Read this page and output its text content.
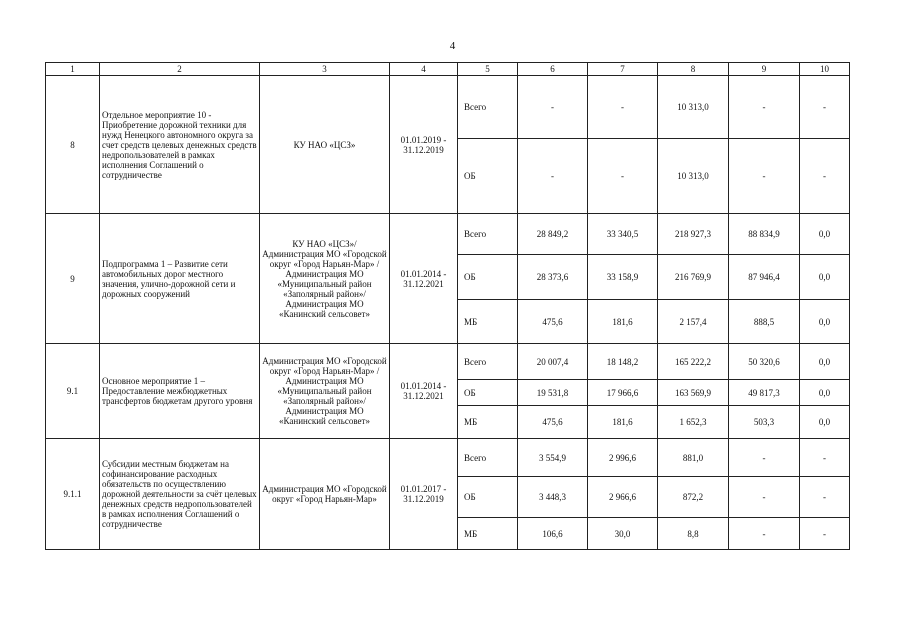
4
1	2	3	4	5	6	7	8	9	10
8	Отдельное мероприятие 10 - Приобретение дорожной техники для нужд Ненецкого автономного округа за счет средств целевых денежных средств недропользователей в рамках исполнения Соглашений о сотрудничестве	КУ НАО «ЦСЗ»	01.01.2019 - 31.12.2019	Всего	-	-	10 313,0	-	-
				ОБ	-	-	10 313,0	-	-
9	Подпрограмма 1 – Развитие сети автомобильных дорог местного значения, улично-дорожной сети и дорожных сооружений	КУ НАО «ЦСЗ»/ Администрация МО «Городской округ «Город Нарьян-Мар» / Администрация МО «Муниципальный район «Заполярный район»/ Администрация МО «Канинский сельсовет»	01.01.2014 - 31.12.2021	Всего	28 849,2	33 340,5	218 927,3	88 834,9	0,0
				ОБ	28 373,6	33 158,9	216 769,9	87 946,4	0,0
				МБ	475,6	181,6	2 157,4	888,5	0,0
9.1	Основное мероприятие 1 – Предоставление межбюджетных трансфертов бюджетам другого уровня	Администрация МО «Городской округ «Город Нарьян-Мар» / Администрация МО «Муниципальный район «Заполярный район»/ Администрация МО «Канинский сельсовет»	01.01.2014 - 31.12.2021	Всего	20 007,4	18 148,2	165 222,2	50 320,6	0,0
				ОБ	19 531,8	17 966,6	163 569,9	49 817,3	0,0
				МБ	475,6	181,6	1 652,3	503,3	0,0
9.1.1	Субсидии местным бюджетам на софинансирование расходных обязательств по осуществлению дорожной деятельности за счёт целевых денежных средств недропользователей в рамках исполнения Соглашений о сотрудничестве	Администрация МО «Городской округ «Город Нарьян-Мар»	01.01.2017 - 31.12.2019	Всего	3 554,9	2 996,6	881,0	-	-
				ОБ	3 448,3	2 966,6	872,2	-	-
				МБ	106,6	30,0	8,8	-	-
